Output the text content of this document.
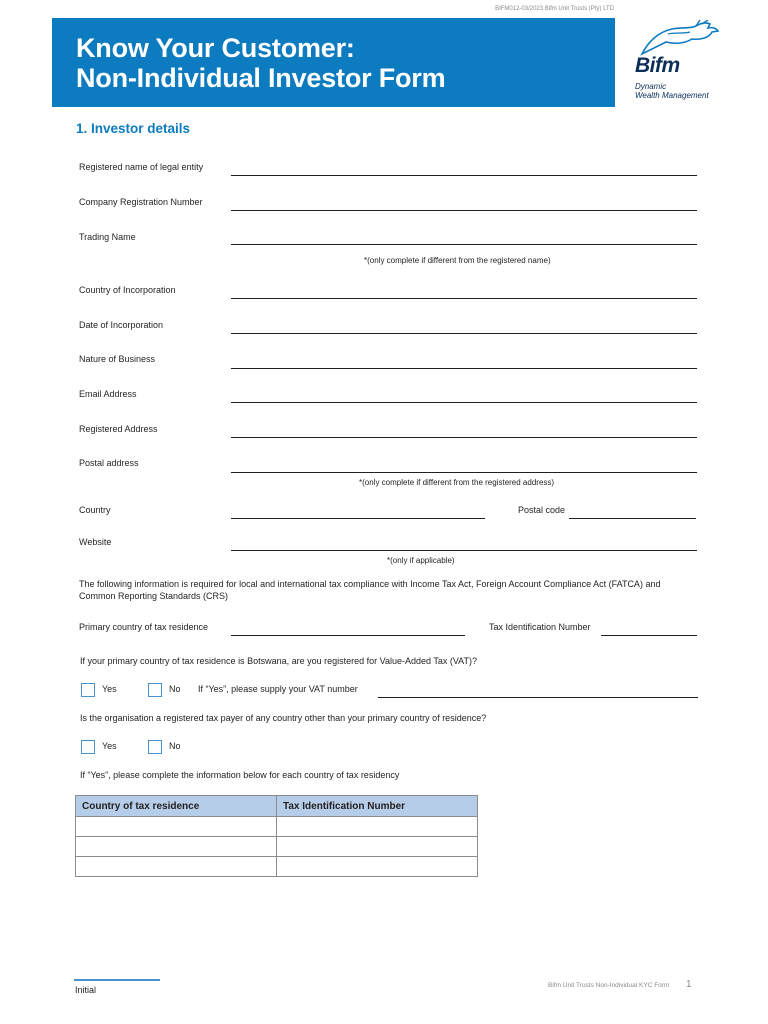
BIFM012-03/2023 Bifm Unit Trusts (Pty) LTD
Know Your Customer:
Non-Individual Investor Form	Bifm
Dynamic
Wealth Management
1. Investor details
Registered name of legal entity
Company Registration Number
Trading Name
*(only complete if different from the registered name)
Country of Incorporation
Date of Incorporation
Nature of Business
Email Address
Registered Address
Postal address
*(only complete if different from the registered address)
Country	Postal code
Website
*(only if applicable)
The following information is required for local and international tax compliance with Income Tax Act, Foreign Account Compliance Act (FATCA) and Common Reporting Standards (CRS)
Primary country of tax residence	Tax Identification Number
If your primary country of tax residence is Botswana, are you registered for Value-Added Tax (VAT)?
Yes	No If “Yes”, please supply your VAT number
Is the organisation a registered tax payer of any country other than your primary country of residence?
Yes	No
If “Yes”, please complete the information below for each country of tax residency
Country of tax residence	Tax Identification Number

Initial	Bifm Unit Trusts Non-Individual KYC Form 1
